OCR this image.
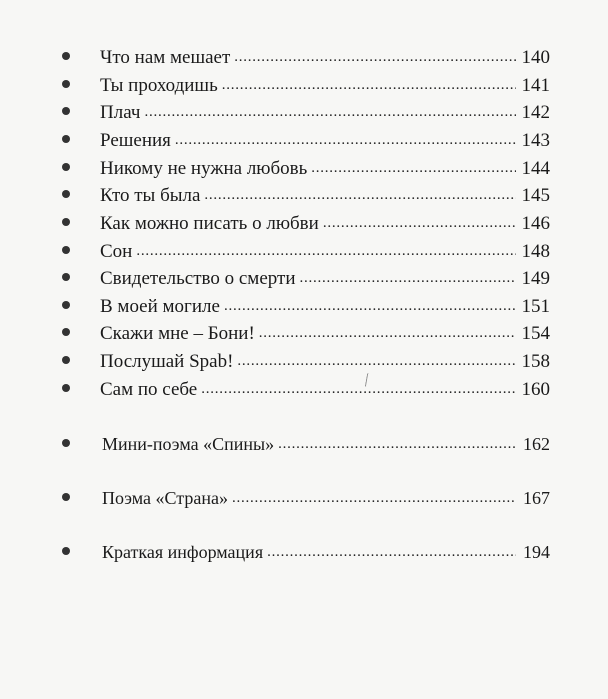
Что нам мешает . . .	140
Ты проходишь . . .	141
Плач . . .	142
Решения . . .	143
Никому не нужна любовь . . .	144
Кто ты была . . .	145
Как можно писать о любви . . .	146
Сон . . .	148
Свидетельство о смерти . . .	149
В моей могиле . . .	151
Скажи мне – Бони! . . .	154
Послушай Spab! . . .	158
Сам по себе . . .	160
Мини-поэма «Спины» . . .	162
Поэма «Страна» . . .	167
Краткая информация . . .	194
